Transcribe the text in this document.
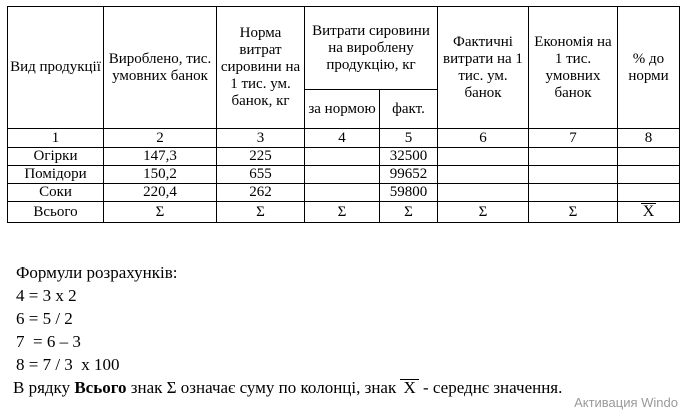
Вид продукції	Вироблено, тис. умовних банок	Норма витрат сировини на 1 тис. ум. банок, кг	Витрати сировини на вироблену продукцію, кг		Фактичні витрати на 1 тис. ум. банок	Економія на 1 тис. умовних банок	% до норми
			за нормою	факт.			
1	2	3	4	5	6	7	8
Огірки	147,3	225		32500			
Помідори	150,2	655		99652			
Соки	220,4	262		59800			
Всього	Σ	Σ	Σ	Σ	Σ	Σ	X
Формули розрахунків:
4 = 3 х 2
6 = 5 / 2
7  = 6 – 3
8 = 7 / 3  х 100
В рядку Всього знак Σ означає суму по колонці, знак X - середнє значення.
Активация Windo
